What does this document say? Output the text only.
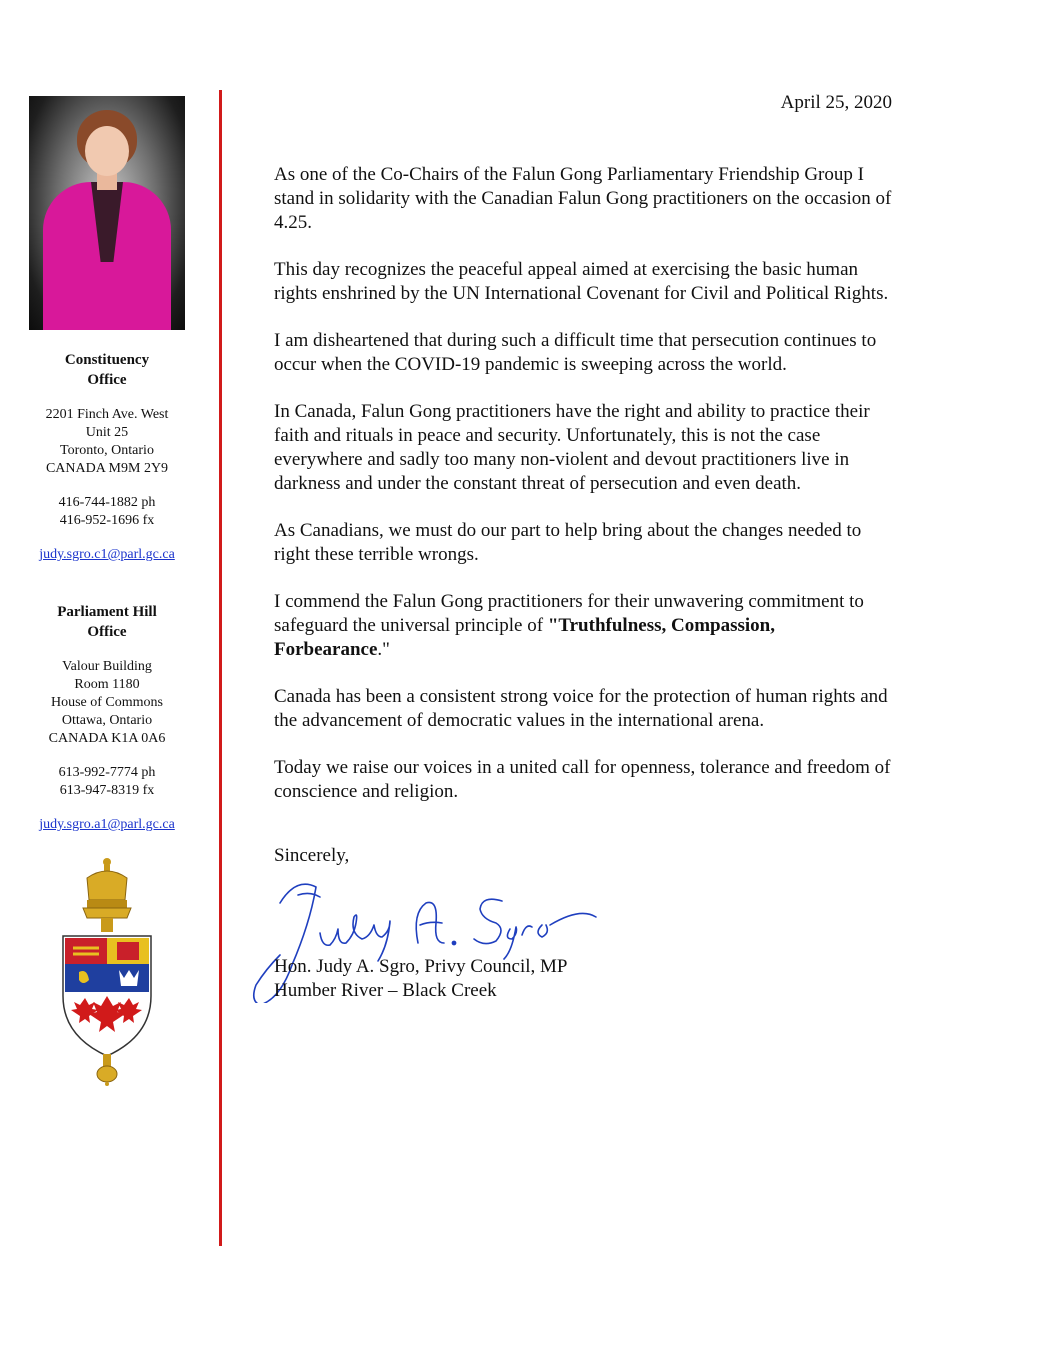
Constituency
Office
2201 Finch Ave. West
Unit 25
Toronto, Ontario
CANADA M9M 2Y9
416-744-1882 ph
416-952-1696 fx
judy.sgro.c1@parl.gc.ca
Parliament Hill
Office
Valour Building
Room 1180
House of Commons
Ottawa, Ontario
CANADA K1A 0A6
613-992-7774 ph
613-947-8319 fx
judy.sgro.a1@parl.gc.ca
April 25, 2020

As one of the Co-Chairs of the Falun Gong Parliamentary Friendship Group I stand in solidarity with the Canadian Falun Gong practitioners on the occasion of 4.25.

This day recognizes the peaceful appeal aimed at exercising the basic human rights enshrined by the UN International Covenant for Civil and Political Rights.

I am disheartened that during such a difficult time that persecution continues to occur when the COVID-19 pandemic is sweeping across the world.

In Canada, Falun Gong practitioners have the right and ability to practice their faith and rituals in peace and security. Unfortunately, this is not the case everywhere and sadly too many non-violent and devout practitioners live in darkness and under the constant threat of persecution and even death.

As Canadians, we must do our part to help bring about the changes needed to right these terrible wrongs.

I commend the Falun Gong practitioners for their unwavering commitment to safeguard the universal principle of "Truthfulness, Compassion, Forbearance."

Canada has been a consistent strong voice for the protection of human rights and the advancement of democratic values in the international arena.

Today we raise our voices in a united call for openness, tolerance and freedom of conscience and religion.

Sincerely,

Hon. Judy A. Sgro, Privy Council, MP
Humber River – Black Creek
